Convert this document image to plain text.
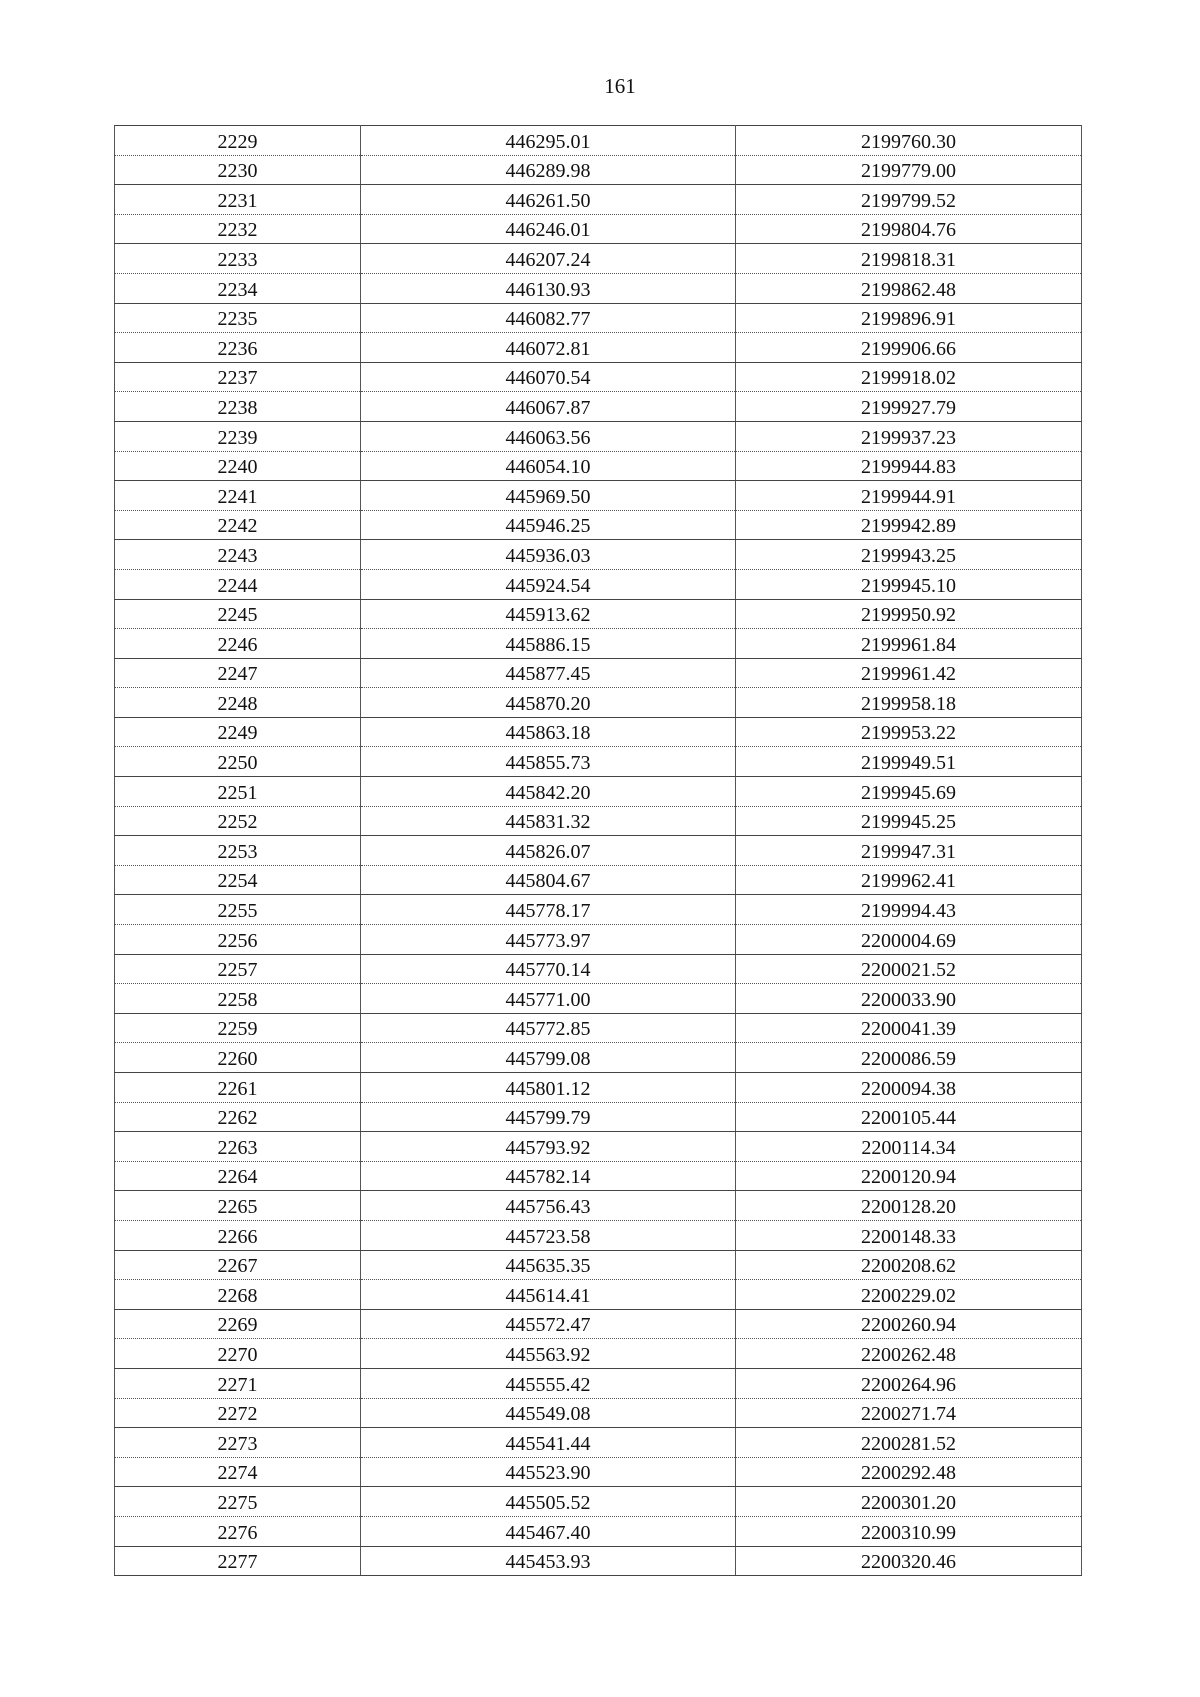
161
2229	446295.01	2199760.30
2230	446289.98	2199779.00
2231	446261.50	2199799.52
2232	446246.01	2199804.76
2233	446207.24	2199818.31
2234	446130.93	2199862.48
2235	446082.77	2199896.91
2236	446072.81	2199906.66
2237	446070.54	2199918.02
2238	446067.87	2199927.79
2239	446063.56	2199937.23
2240	446054.10	2199944.83
2241	445969.50	2199944.91
2242	445946.25	2199942.89
2243	445936.03	2199943.25
2244	445924.54	2199945.10
2245	445913.62	2199950.92
2246	445886.15	2199961.84
2247	445877.45	2199961.42
2248	445870.20	2199958.18
2249	445863.18	2199953.22
2250	445855.73	2199949.51
2251	445842.20	2199945.69
2252	445831.32	2199945.25
2253	445826.07	2199947.31
2254	445804.67	2199962.41
2255	445778.17	2199994.43
2256	445773.97	2200004.69
2257	445770.14	2200021.52
2258	445771.00	2200033.90
2259	445772.85	2200041.39
2260	445799.08	2200086.59
2261	445801.12	2200094.38
2262	445799.79	2200105.44
2263	445793.92	2200114.34
2264	445782.14	2200120.94
2265	445756.43	2200128.20
2266	445723.58	2200148.33
2267	445635.35	2200208.62
2268	445614.41	2200229.02
2269	445572.47	2200260.94
2270	445563.92	2200262.48
2271	445555.42	2200264.96
2272	445549.08	2200271.74
2273	445541.44	2200281.52
2274	445523.90	2200292.48
2275	445505.52	2200301.20
2276	445467.40	2200310.99
2277	445453.93	2200320.46
